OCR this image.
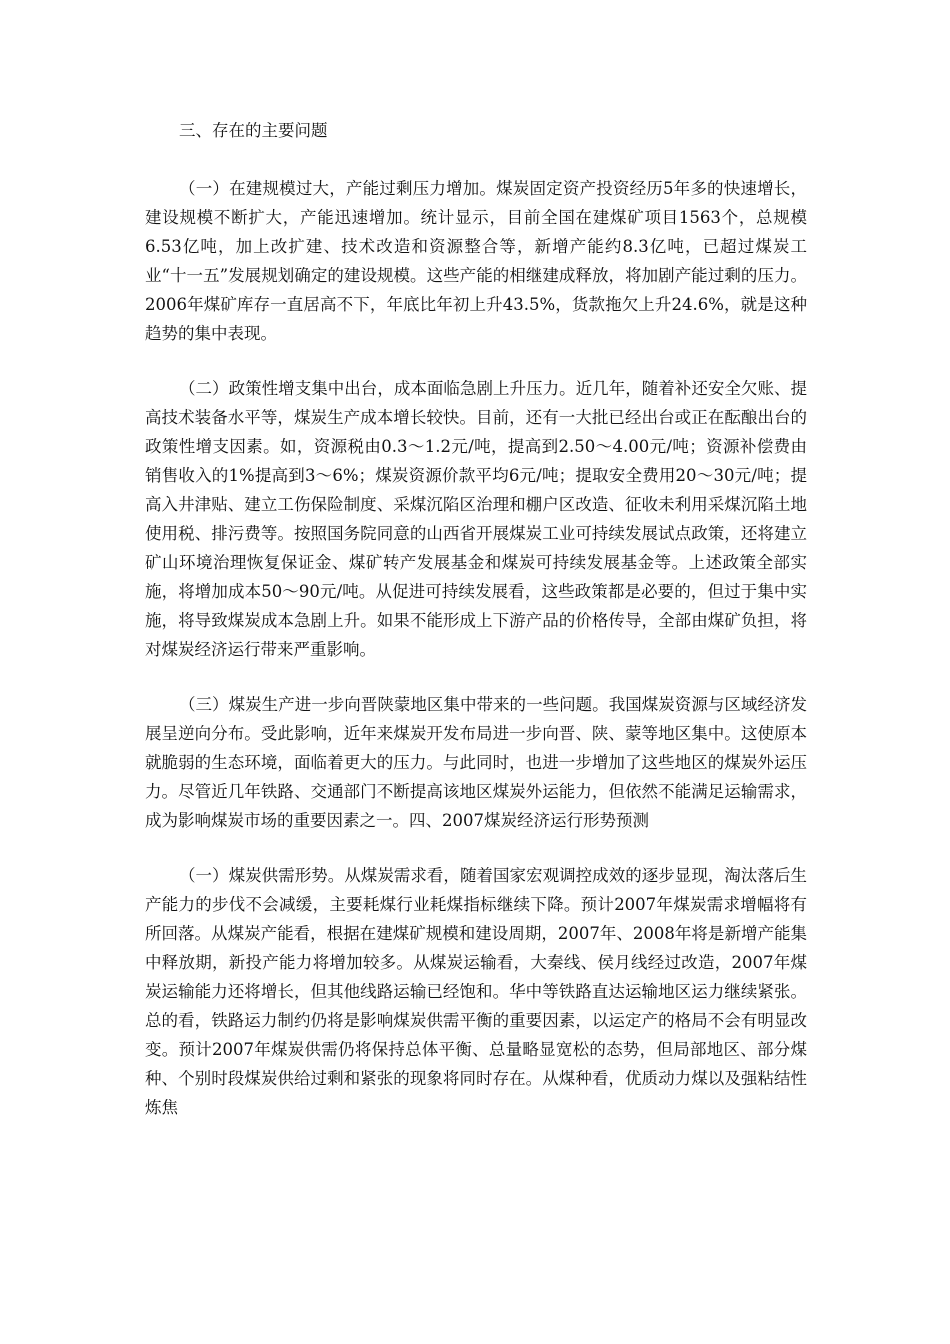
三、存在的主要问题

（一）在建规模过大，产能过剩压力增加。煤炭固定资产投资经历5年多的快速增长，建设规模不断扩大，产能迅速增加。统计显示，目前全国在建煤矿项目1563个，总规模6.53亿吨，加上改扩建、技术改造和资源整合等，新增产能约8.3亿吨，已超过煤炭工业“十一五”发展规划确定的建设规模。这些产能的相继建成释放，将加剧产能过剩的压力。2006年煤矿库存一直居高不下，年底比年初上升43.5%，货款拖欠上升24.6%，就是这种趋势的集中表现。

（二）政策性增支集中出台，成本面临急剧上升压力。近几年，随着补还安全欠账、提高技术装备水平等，煤炭生产成本增长较快。目前，还有一大批已经出台或正在酝酿出台的政策性增支因素。如，资源税由0.3～1.2元/吨，提高到2.50～4.00元/吨；资源补偿费由销售收入的1%提高到3～6%；煤炭资源价款平均6元/吨；提取安全费用20～30元/吨；提高入井津贴、建立工伤保险制度、采煤沉陷区治理和棚户区改造、征收未利用采煤沉陷土地使用税、排污费等。按照国务院同意的山西省开展煤炭工业可持续发展试点政策，还将建立矿山环境治理恢复保证金、煤矿转产发展基金和煤炭可持续发展基金等。上述政策全部实施，将增加成本50～90元/吨。从促进可持续发展看，这些政策都是必要的，但过于集中实施，将导致煤炭成本急剧上升。如果不能形成上下游产品的价格传导，全部由煤矿负担，将对煤炭经济运行带来严重影响。

（三）煤炭生产进一步向晋陕蒙地区集中带来的一些问题。我国煤炭资源与区域经济发展呈逆向分布。受此影响，近年来煤炭开发布局进一步向晋、陕、蒙等地区集中。这使原本就脆弱的生态环境，面临着更大的压力。与此同时，也进一步增加了这些地区的煤炭外运压力。尽管近几年铁路、交通部门不断提高该地区煤炭外运能力，但依然不能满足运输需求，成为影响煤炭市场的重要因素之一。四、2007煤炭经济运行形势预测

（一）煤炭供需形势。从煤炭需求看，随着国家宏观调控成效的逐步显现，淘汰落后生产能力的步伐不会减缓，主要耗煤行业耗煤指标继续下降。预计2007年煤炭需求增幅将有所回落。从煤炭产能看，根据在建煤矿规模和建设周期，2007年、2008年将是新增产能集中释放期，新投产能力将增加较多。从煤炭运输看，大秦线、侯月线经过改造，2007年煤炭运输能力还将增长，但其他线路运输已经饱和。华中等铁路直达运输地区运力继续紧张。总的看，铁路运力制约仍将是影响煤炭供需平衡的重要因素，以运定产的格局不会有明显改变。预计2007年煤炭供需仍将保持总体平衡、总量略显宽松的态势，但局部地区、部分煤种、个别时段煤炭供给过剩和紧张的现象将同时存在。从煤种看，优质动力煤以及强粘结性炼焦
